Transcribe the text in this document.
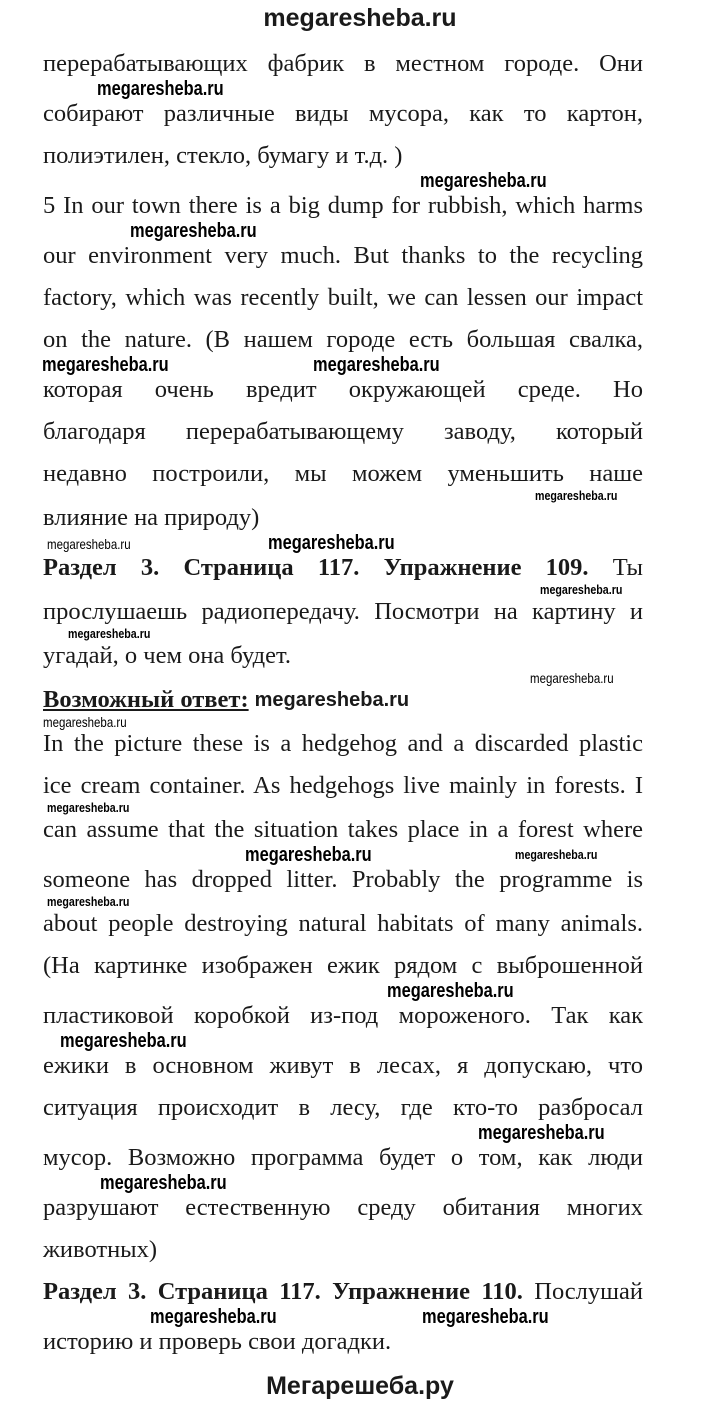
megaresheba.ru
перерабатывающих фабрик в местном городе. Они
megaresheba.ru
собирают различные виды мусора, как то картон,
полиэтилен, стекло, бумагу и т.д. )
megaresheba.ru
5 In our town there is a big dump for rubbish, which harms
megaresheba.ru
our environment very much. But thanks to the recycling
factory, which was recently built, we can lessen our impact
on the nature. (В нашем городе есть большая свалка,
megaresheba.ru	megaresheba.ru
которая очень вредит окружающей среде. Но
благодаря перерабатывающему заводу, который
недавно построили, мы можем уменьшить наше
megaresheba.ru
влияние на природу)
megaresheba.ru	megaresheba.ru
Раздел 3. Страница 117. Упражнение 109. Ты
megaresheba.ru
прослушаешь радиопередачу. Посмотри на картину и
megaresheba.ru
угадай, о чем она будет.
megaresheba.ru
Возможный ответ: megaresheba.ru
megaresheba.ru
In the picture these is a hedgehog and a discarded plastic
ice cream container. As hedgehogs live mainly in forests. I
megaresheba.ru
can assume that the situation takes place in a forest where
megaresheba.ru	megaresheba.ru
someone has dropped litter. Probably the programme is
megaresheba.ru
about people destroying natural habitats of many animals.
(На картинке изображен ежик рядом с выброшенной
megaresheba.ru
пластиковой коробкой из-под мороженого. Так как
megaresheba.ru
ежики в основном живут в лесах, я допускаю, что
ситуация происходит в лесу, где кто-то разбросал
megaresheba.ru
мусор. Возможно программа будет о том, как люди
megaresheba.ru
разрушают естественную среду обитания многих
животных)
Раздел 3. Страница 117. Упражнение 110. Послушай
megaresheba.ru	megaresheba.ru
историю и проверь свои догадки.
Мегарешеба.ру
